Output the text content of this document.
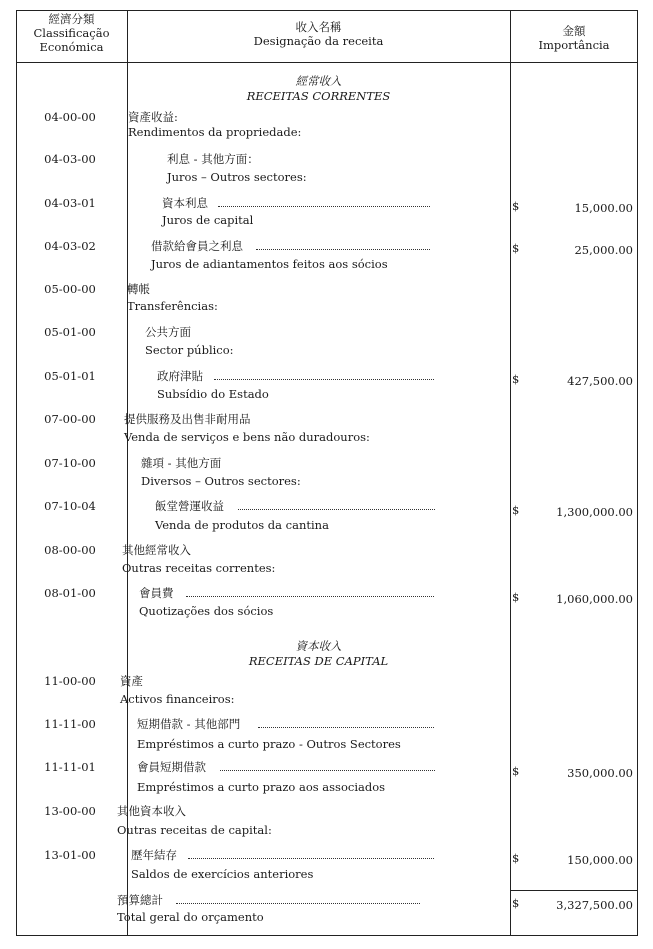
經濟分類
Classificação
Económica
收入名稱
Designação da receita
金額
Importância
經常收入
RECEITAS CORRENTES
04-00-00	資產收益:
Rendimentos da propriedade:
04-03-00	利息 - 其他方面：
Juros – Outros sectores:
04-03-01	資本利息
Juros de capital
$	15,000.00
04-03-02	借款給會員之利息
Juros de adiantamentos feitos aos sócios
$	25,000.00
05-00-00	轉帳
Transferências:
05-01-00	公共方面
Sector público:
05-01-01	政府津貼
Subsídio do Estado
$	427,500.00
07-00-00	提供服務及出售非耐用品
Venda de serviços e bens não duradouros:
07-10-00	雜項 - 其他方面
Diversos – Outros sectores:
07-10-04	飯堂營運收益
Venda de produtos da cantina
$	1,300,000.00
08-00-00	其他經常收入
Outras receitas correntes:
08-01-00	會員費
Quotizações dos sócios
$	1,060,000.00
資本收入
RECEITAS DE CAPITAL
11-00-00	資產
Activos financeiros:
11-11-00	短期借款 - 其他部門
Empréstimos a curto prazo - Outros Sectores
11-11-01	會員短期借款
Empréstimos a curto prazo aos associados
$	350,000.00
13-00-00	其他資本收入
Outras receitas de capital:
13-01-00	歷年結存
Saldos de exercícios anteriores
$	150,000.00
預算總計
Total geral do orçamento
$	3,327,500.00
